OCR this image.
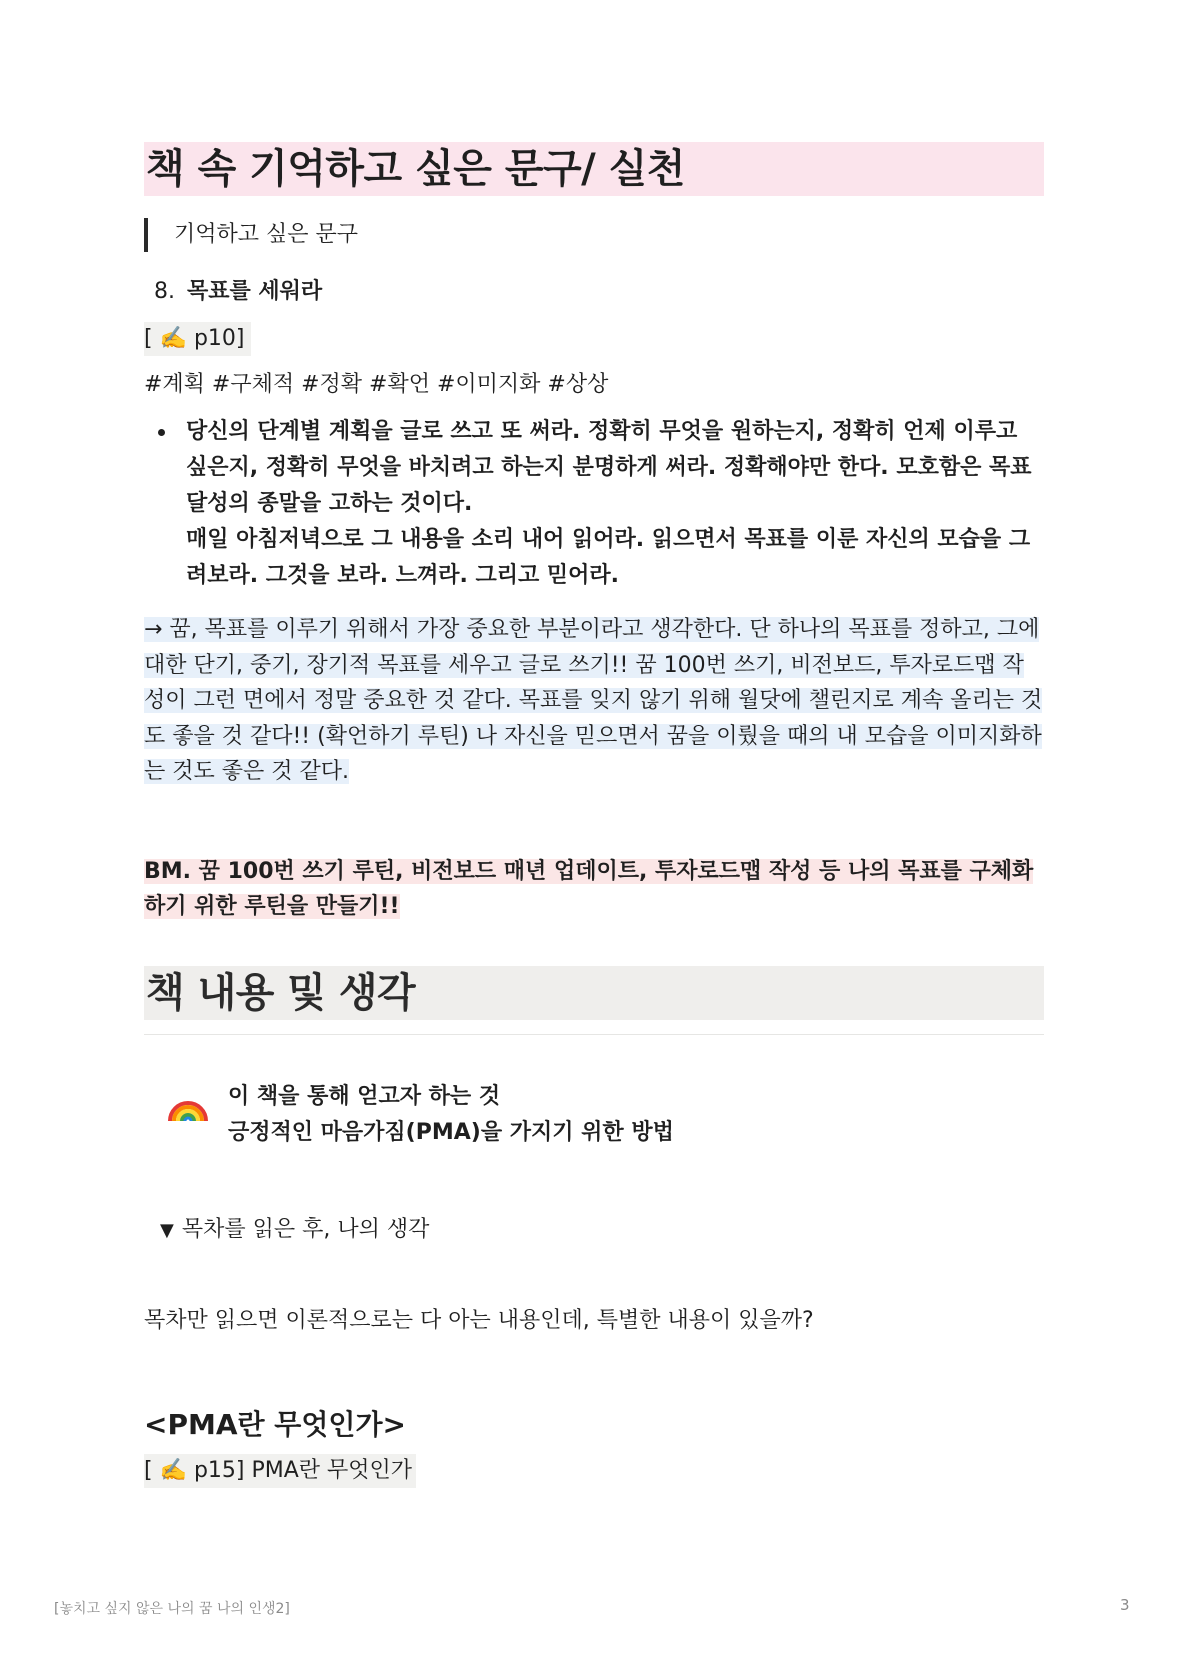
책 속 기억하고 싶은 문구/ 실천
기억하고 싶은 문구
8. 목표를 세워라
[ ✍️ p10]
#계획 #구체적 #정확 #확언 #이미지화 #상상

당신의 단계별 계획을 글로 쓰고 또 써라. 정확히 무엇을 원하는지, 정확히 언제 이루고 싶은지, 정확히 무엇을 바치려고 하는지 분명하게 써라. 정확해야만 한다. 모호함은 목표 달성의 종말을 고하는 것이다.

매일 아침저녁으로 그 내용을 소리 내어 읽어라. 읽으면서 목표를 이룬 자신의 모습을 그려보라. 그것을 보라. 느껴라. 그리고 믿어라.

→ 꿈, 목표를 이루기 위해서 가장 중요한 부분이라고 생각한다. 단 하나의 목표를 정하고, 그에 대한 단기, 중기, 장기적 목표를 세우고 글로 쓰기!! 꿈 100번 쓰기, 비전보드, 투자로드맵 작성이 그런 면에서 정말 중요한 것 같다. 목표를 잊지 않기 위해 월닷에 챌린지로 계속 올리는 것도 좋을 것 같다!! (확언하기 루틴) 나 자신을 믿으면서 꿈을 이뤘을 때의 내 모습을 이미지화하는 것도 좋은 것 같다.
BM. 꿈 100번 쓰기 루틴, 비전보드 매년 업데이트, 투자로드맵 작성 등 나의 목표를 구체화하기 위한 루틴을 만들기!!
책 내용 및 생각
이 책을 통해 얻고자 하는 것
긍정적인 마음가짐(PMA)을 가지기 위한 방법
▼ 목차를 읽은 후, 나의 생각
목차만 읽으면 이론적으로는 다 아는 내용인데, 특별한 내용이 있을까?
<PMA란 무엇인가>
[ ✍️ p15] PMA란 무엇인가
[놓치고 싶지 않은 나의 꿈 나의 인생2]	3
